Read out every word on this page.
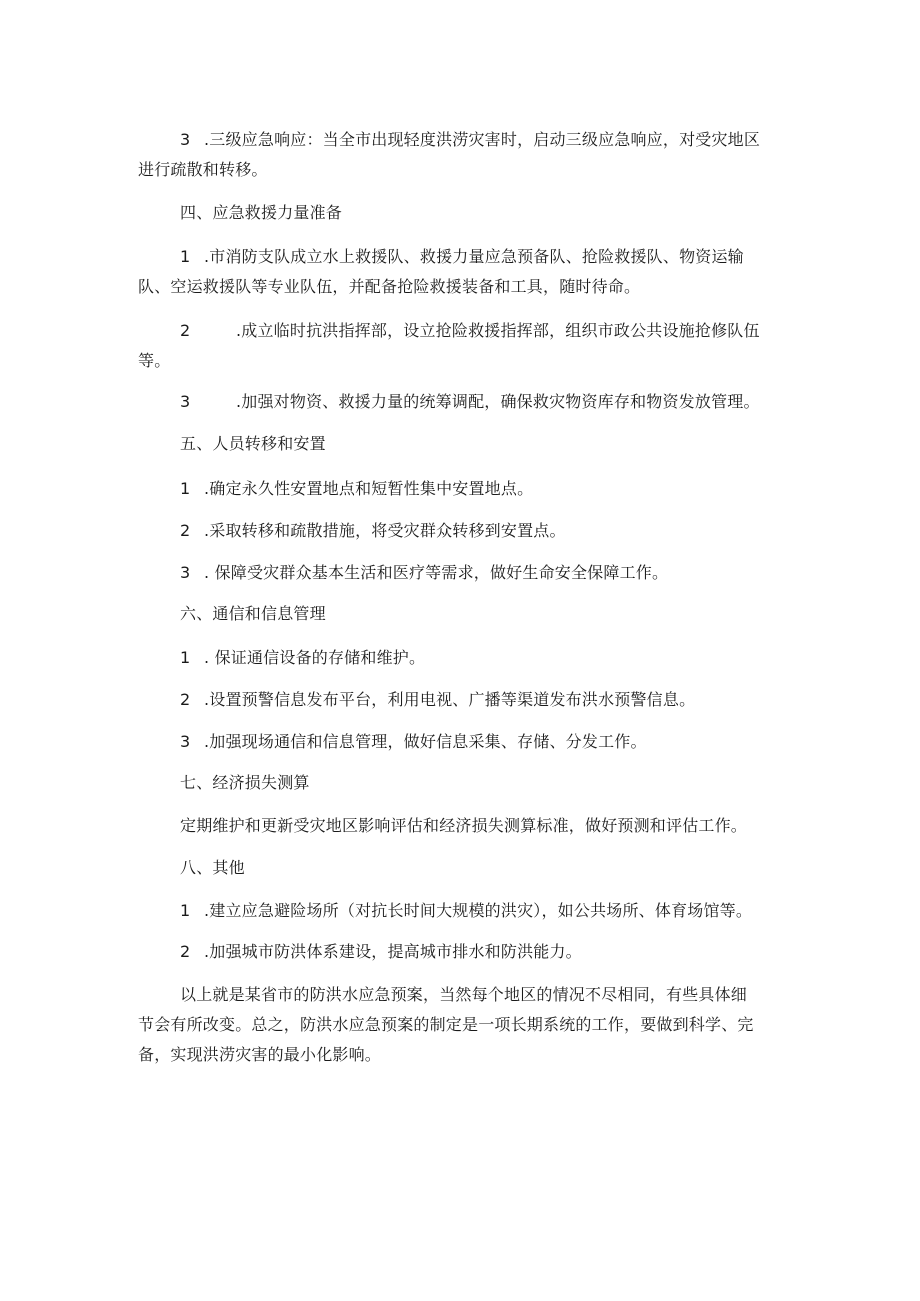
3 .三级应急响应：当全市出现轻度洪涝灾害时，启动三级应急响应，对受灾地区
进行疏散和转移。
四、应急救援力量准备
1 .市消防支队成立水上救援队、救援力量应急预备队、抢险救援队、物资运输
队、空运救援队等专业队伍，并配备抢险救援装备和工具，随时待命。
2	.成立临时抗洪指挥部，设立抢险救援指挥部，组织市政公共设施抢修队伍
等。
3	.加强对物资、救援力量的统筹调配，确保救灾物资库存和物资发放管理。
五、人员转移和安置
1 .确定永久性安置地点和短暂性集中安置地点。
2 .采取转移和疏散措施，将受灾群众转移到安置点。
3 . 保障受灾群众基本生活和医疗等需求，做好生命安全保障工作。
六、通信和信息管理
1 . 保证通信设备的存储和维护。
2 .设置预警信息发布平台，利用电视、广播等渠道发布洪水预警信息。
3 .加强现场通信和信息管理，做好信息采集、存储、分发工作。
七、经济损失测算
定期维护和更新受灾地区影响评估和经济损失测算标准，做好预测和评估工作。
八、其他
1 .建立应急避险场所（对抗长时间大规模的洪灾），如公共场所、体育场馆等。
2 .加强城市防洪体系建设，提高城市排水和防洪能力。
以上就是某省市的防洪水应急预案，当然每个地区的情况不尽相同，有些具体细
节会有所改变。总之，防洪水应急预案的制定是一项长期系统的工作，要做到科学、完
备，实现洪涝灾害的最小化影响。
